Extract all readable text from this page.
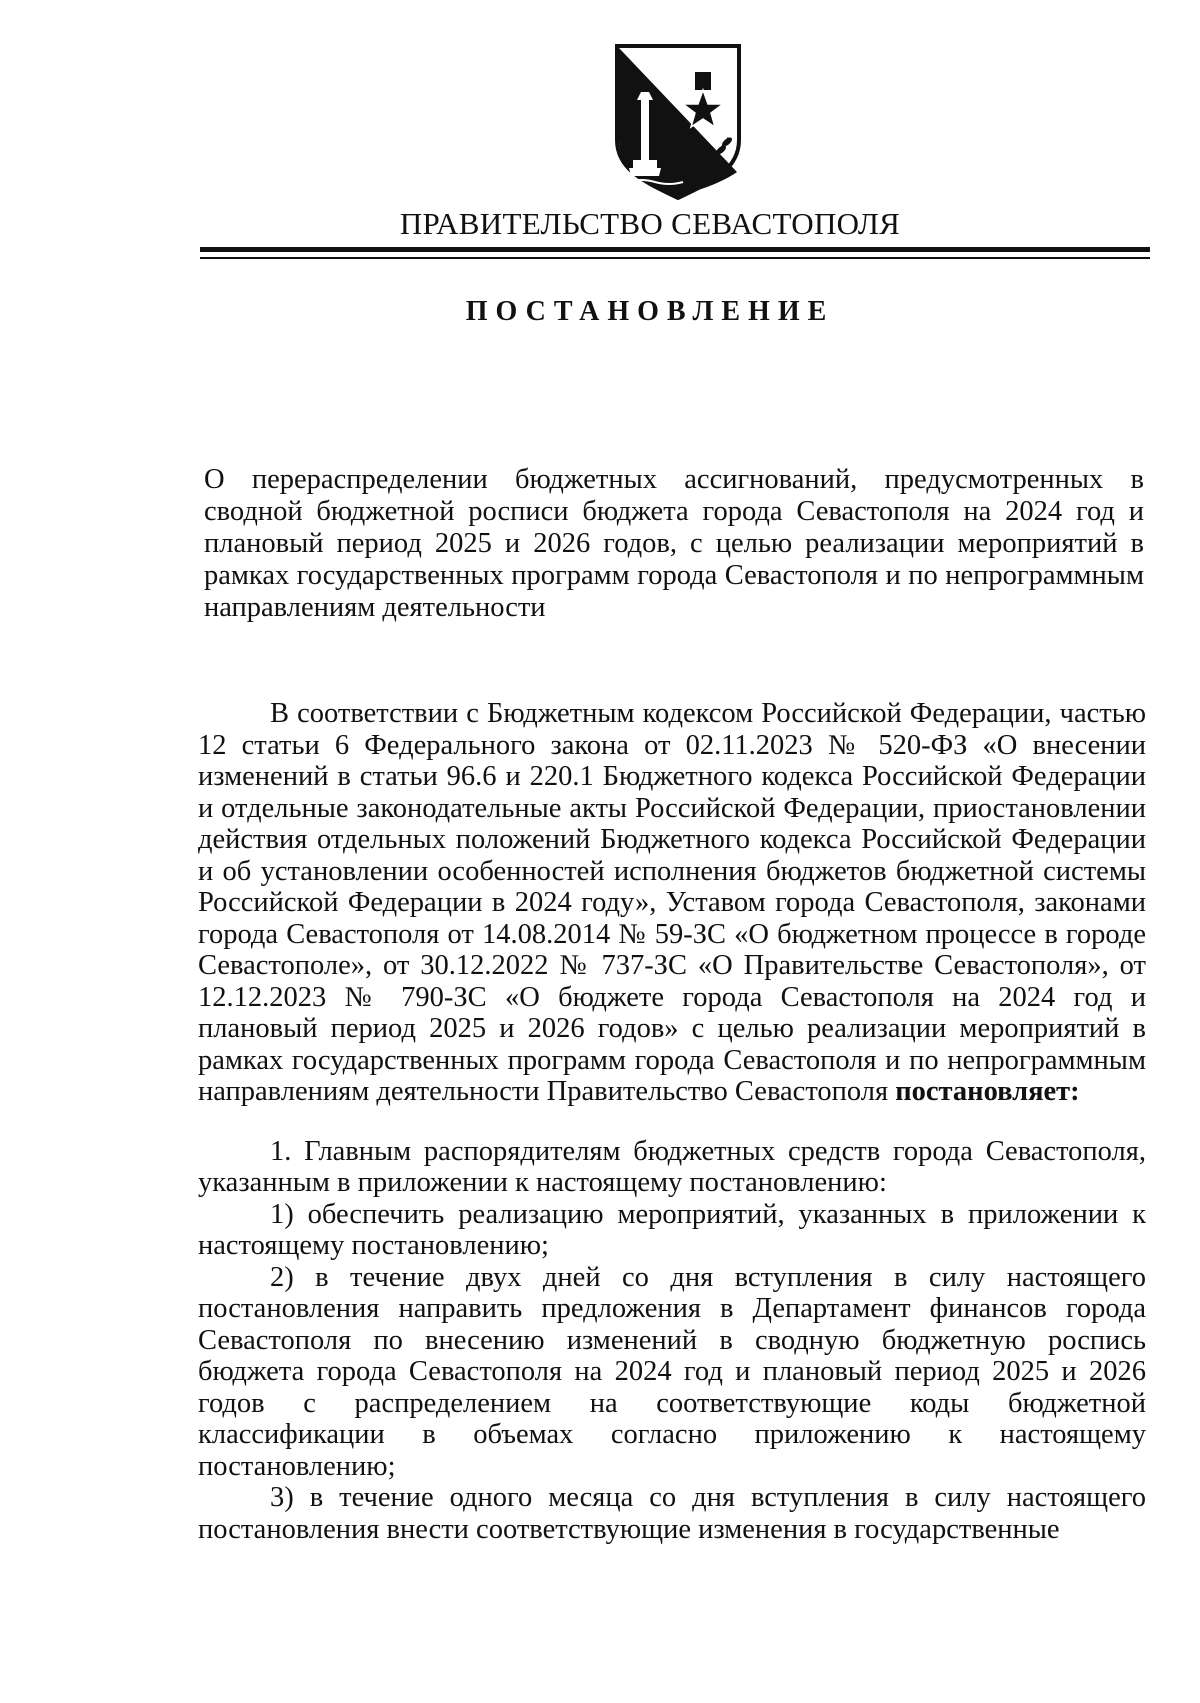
ПРАВИТЕЛЬСТВО СЕВАСТОПОЛЯ
ПОСТАНОВЛЕНИЕ
О перераспределении бюджетных ассигнований, предусмотренных в сводной бюджетной росписи бюджета города Севастополя на 2024 год и плановый период 2025 и 2026 годов, с целью реализации мероприятий в рамках государственных программ города Севастополя и по непрограммным направлениям деятельности

В соответствии с Бюджетным кодексом Российской Федерации, частью 12 статьи 6 Федерального закона от 02.11.2023 № 520-ФЗ «О внесении изменений в статьи 96.6 и 220.1 Бюджетного кодекса Российской Федерации и отдельные законодательные акты Российской Федерации, приостановлении действия отдельных положений Бюджетного кодекса Российской Федерации и об установлении особенностей исполнения бюджетов бюджетной системы Российской Федерации в 2024 году», Уставом города Севастополя, законами города Севастополя от 14.08.2014 № 59-ЗС «О бюджетном процессе в городе Севастополе», от 30.12.2022 № 737-ЗС «О Правительстве Севастополя», от 12.12.2023 № 790-ЗС «О бюджете города Севастополя на 2024 год и плановый период 2025 и 2026 годов» с целью реализации мероприятий в рамках государственных программ города Севастополя и по непрограммным направлениям деятельности Правительство Севастополя постановляет:

1. Главным распорядителям бюджетных средств города Севастополя, указанным в приложении к настоящему постановлению:

1) обеспечить реализацию мероприятий, указанных в приложении к настоящему постановлению;

2) в течение двух дней со дня вступления в силу настоящего постановления направить предложения в Департамент финансов города Севастополя по внесению изменений в сводную бюджетную роспись бюджета города Севастополя на 2024 год и плановый период 2025 и 2026 годов с распределением на соответствующие коды бюджетной классификации в объемах согласно приложению к настоящему постановлению;

3) в течение одного месяца со дня вступления в силу настоящего постановления внести соответствующие изменения в государственные
